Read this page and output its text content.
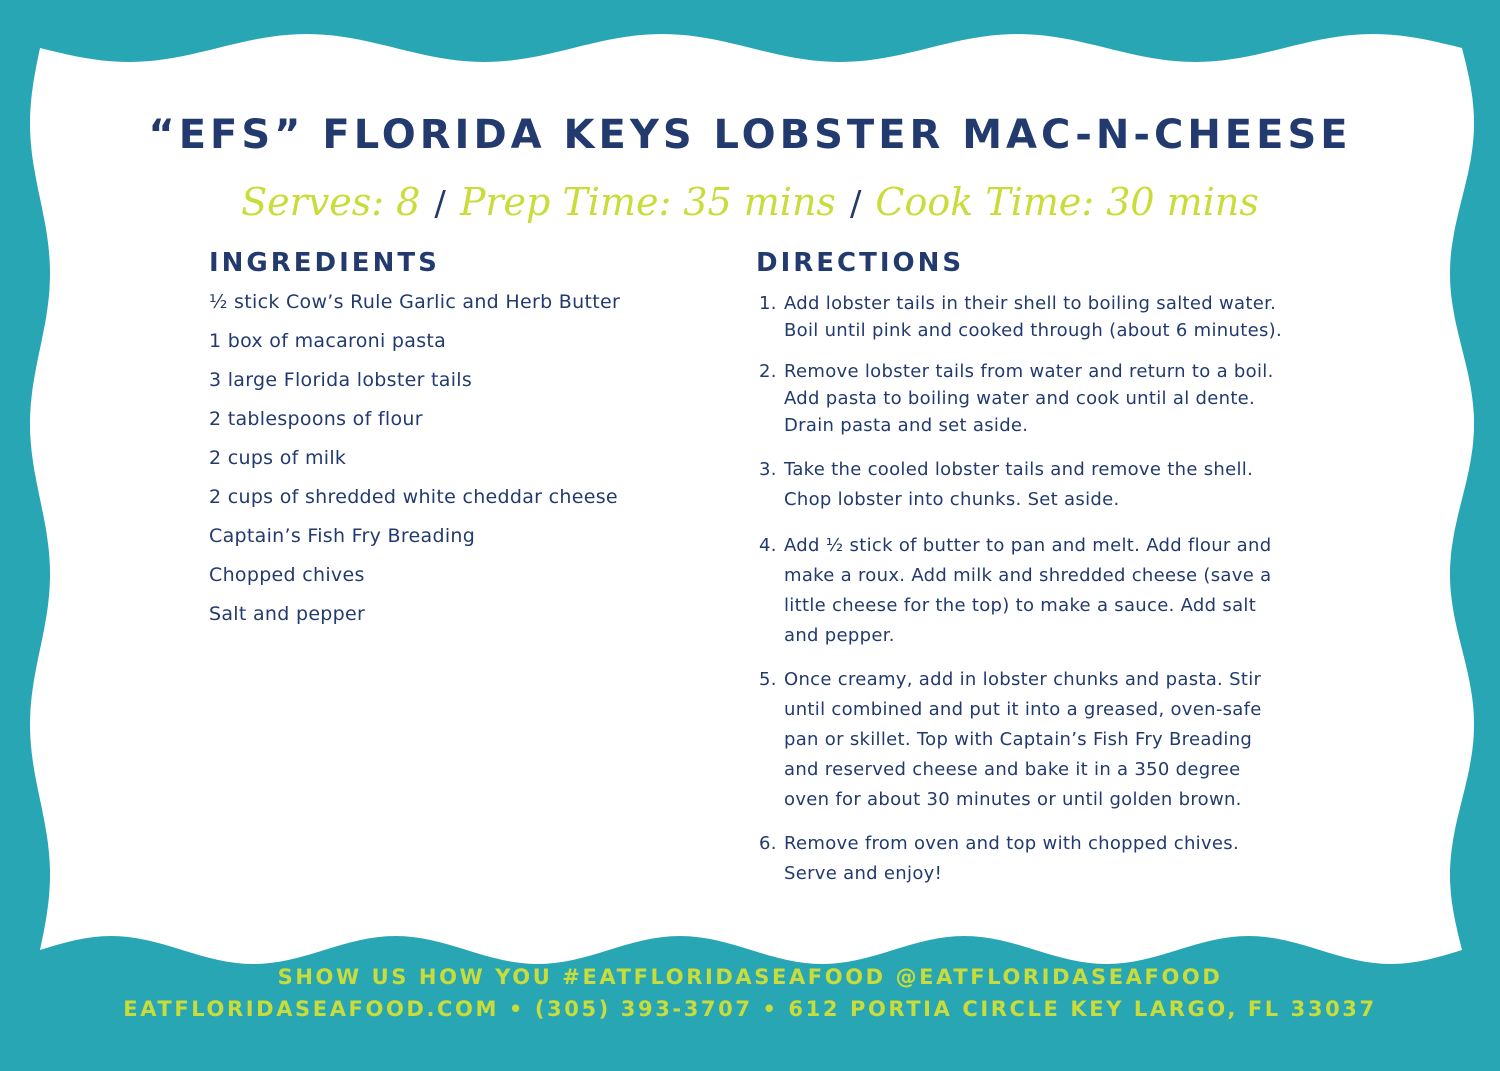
“EFS” FLORIDA KEYS LOBSTER MAC-N-CHEESE
Serves: 8 / Prep Time: 35 mins / Cook Time: 30 mins
INGREDIENTS
½ stick Cow’s Rule Garlic and Herb Butter
1 box of macaroni pasta
3 large Florida lobster tails
2 tablespoons of flour
2 cups of milk
2 cups of shredded white cheddar cheese
Captain’s Fish Fry Breading
Chopped chives
Salt and pepper
DIRECTIONS
1. Add lobster tails in their shell to boiling salted water.
Boil until pink and cooked through (about 6 minutes).
2. Remove lobster tails from water and return to a boil.
Add pasta to boiling water and cook until al dente.
Drain pasta and set aside.
3. Take the cooled lobster tails and remove the shell.
Chop lobster into chunks. Set aside.
4. Add ½ stick of butter to pan and melt. Add flour and
make a roux. Add milk and shredded cheese (save a
little cheese for the top) to make a sauce. Add salt
and pepper.
5. Once creamy, add in lobster chunks and pasta. Stir
until combined and put it into a greased, oven-safe
pan or skillet. Top with Captain’s Fish Fry Breading
and reserved cheese and bake it in a 350 degree
oven for about 30 minutes or until golden brown.
6. Remove from oven and top with chopped chives.
Serve and enjoy!
SHOW US HOW YOU #EATFLORIDASEAFOOD @EATFLORIDASEAFOOD
EATFLORIDASEAFOOD.COM • (305) 393-3707 • 612 PORTIA CIRCLE KEY LARGO, FL 33037
